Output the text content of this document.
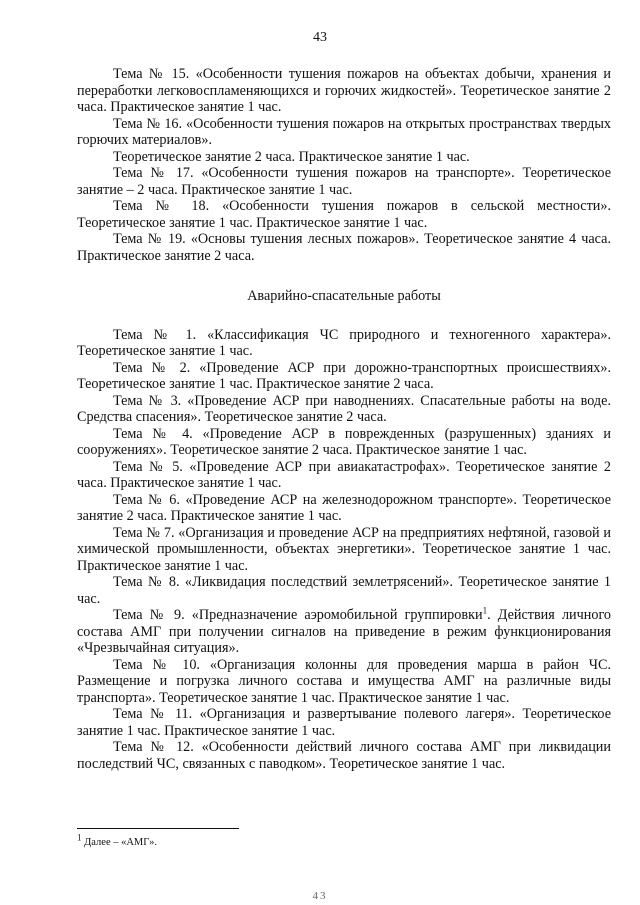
43

Тема № 15. «Особенности тушения пожаров на объектах добычи, хранения и переработки легковоспламеняющихся и горючих жидкостей». Теоретическое занятие 2 часа. Практическое занятие 1 час.

Тема № 16. «Особенности тушения пожаров на открытых пространствах твердых горючих материалов».

Теоретическое занятие 2 часа. Практическое занятие 1 час.

Тема № 17. «Особенности тушения пожаров на транспорте». Теоретическое занятие – 2 часа. Практическое занятие 1 час.

Тема № 18. «Особенности тушения пожаров в сельской местности». Теоретическое занятие 1 час. Практическое занятие 1 час.

Тема № 19. «Основы тушения лесных пожаров». Теоретическое занятие 4 часа. Практическое занятие 2 часа.

Аварийно-спасательные работы

Тема № 1. «Классификация ЧС природного и техногенного характера». Теоретическое занятие 1 час.

Тема № 2. «Проведение АСР при дорожно-транспортных происшествиях». Теоретическое занятие 1 час. Практическое занятие 2 часа.

Тема № 3. «Проведение АСР при наводнениях. Спасательные работы на воде. Средства спасения». Теоретическое занятие 2 часа.

Тема № 4. «Проведение АСР в поврежденных (разрушенных) зданиях и сооружениях». Теоретическое занятие 2 часа. Практическое занятие 1 час.

Тема № 5. «Проведение АСР при авиакатастрофах». Теоретическое занятие 2 часа. Практическое занятие 1 час.

Тема № 6. «Проведение АСР на железнодорожном транспорте». Теоретическое занятие 2 часа. Практическое занятие 1 час.

Тема № 7. «Организация и проведение АСР на предприятиях нефтяной, газовой и химической промышленности, объектах энергетики». Теоретическое занятие 1 час. Практическое занятие 1 час.

Тема № 8. «Ликвидация последствий землетрясений». Теоретическое занятие 1 час.

Тема № 9. «Предназначение аэромобильной группировки$^1$. Действия личного состава АМГ при получении сигналов на приведение в режим функционирования «Чрезвычайная ситуация».

Тема № 10. «Организация колонны для проведения марша в район ЧС. Размещение и погрузка личного состава и имущества АМГ на различные виды транспорта». Теоретическое занятие 1 час. Практическое занятие 1 час.

Тема № 11. «Организация и развертывание полевого лагеря». Теоретическое занятие 1 час. Практическое занятие 1 час.

Тема № 12. «Особенности действий личного состава АМГ при ликвидации последствий ЧС, связанных с паводком». Теоретическое занятие 1 час.

$^1$ Далее – «АМГ».
43
